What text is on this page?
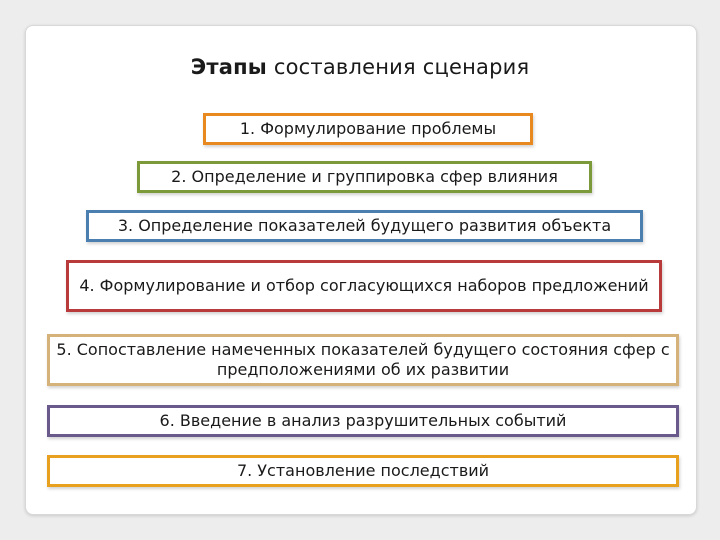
Этапы составления сценария
1. Формулирование проблемы
2. Определение и группировка сфер влияния
3. Определение показателей будущего развития объекта
4. Формулирование и отбор согласующихся наборов предложений
5. Сопоставление намеченных показателей будущего состояния сфер с предположениями об их развитии
6. Введение в анализ разрушительных событий
7. Установление последствий
